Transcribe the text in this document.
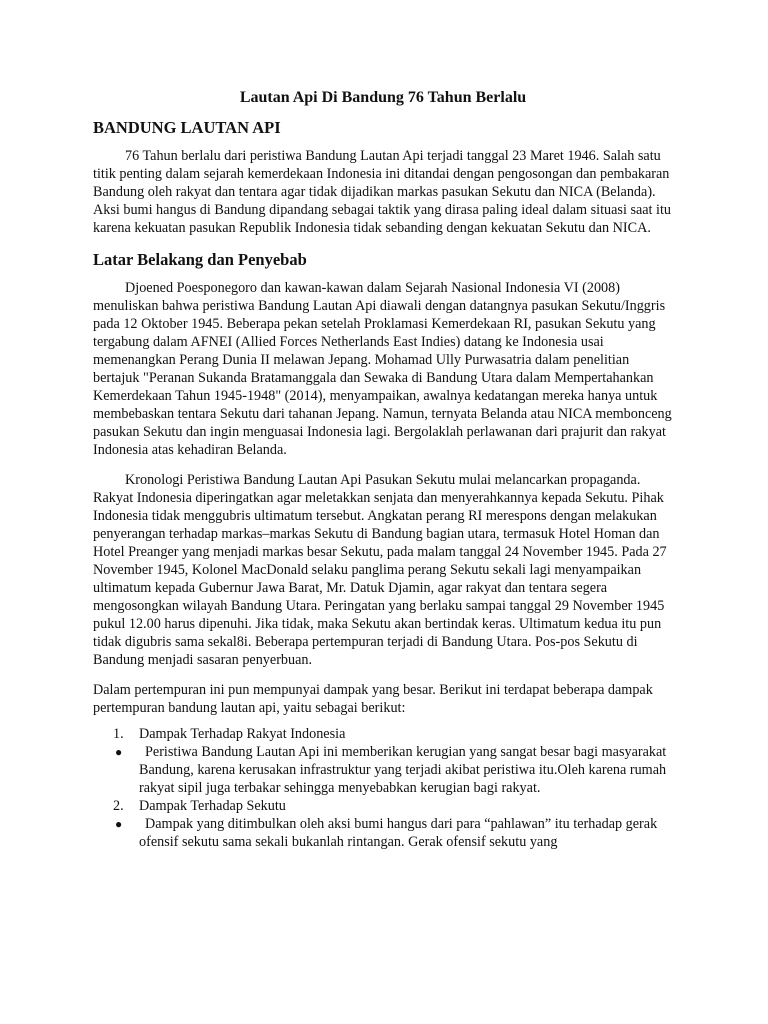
Lautan Api Di Bandung 76 Tahun Berlalu
BANDUNG LAUTAN API

76 Tahun berlalu dari peristiwa Bandung Lautan Api terjadi tanggal 23 Maret 1946. Salah satu titik penting dalam sejarah kemerdekaan Indonesia ini ditandai dengan pengosongan dan pembakaran Bandung oleh rakyat dan tentara agar tidak dijadikan markas pasukan Sekutu dan NICA (Belanda). Aksi bumi hangus di Bandung dipandang sebagai taktik yang dirasa paling ideal dalam situasi saat itu karena kekuatan pasukan Republik Indonesia tidak sebanding dengan kekuatan Sekutu dan NICA.

Latar Belakang dan Penyebab

Djoened Poesponegoro dan kawan-kawan dalam Sejarah Nasional Indonesia VI (2008) menuliskan bahwa peristiwa Bandung Lautan Api diawali dengan datangnya pasukan Sekutu/Inggris pada 12 Oktober 1945. Beberapa pekan setelah Proklamasi Kemerdekaan RI, pasukan Sekutu yang tergabung dalam AFNEI (Allied Forces Netherlands East Indies) datang ke Indonesia usai memenangkan Perang Dunia II melawan Jepang. Mohamad Ully Purwasatria dalam penelitian bertajuk "Peranan Sukanda Bratamanggala dan Sewaka di Bandung Utara dalam Mempertahankan Kemerdekaan Tahun 1945-1948" (2014), menyampaikan, awalnya kedatangan mereka hanya untuk membebaskan tentara Sekutu dari tahanan Jepang. Namun, ternyata Belanda atau NICA membonceng pasukan Sekutu dan ingin menguasai Indonesia lagi. Bergolaklah perlawanan dari prajurit dan rakyat Indonesia atas kehadiran Belanda.

Kronologi Peristiwa Bandung Lautan Api Pasukan Sekutu mulai melancarkan propaganda. Rakyat Indonesia diperingatkan agar meletakkan senjata dan menyerahkannya kepada Sekutu. Pihak Indonesia tidak menggubris ultimatum tersebut. Angkatan perang RI merespons dengan melakukan penyerangan terhadap markas–markas Sekutu di Bandung bagian utara, termasuk Hotel Homan dan Hotel Preanger yang menjadi markas besar Sekutu, pada malam tanggal 24 November 1945. Pada 27 November 1945, Kolonel MacDonald selaku panglima perang Sekutu sekali lagi menyampaikan ultimatum kepada Gubernur Jawa Barat, Mr. Datuk Djamin, agar rakyat dan tentara segera mengosongkan wilayah Bandung Utara. Peringatan yang berlaku sampai tanggal 29 November 1945 pukul 12.00 harus dipenuhi. Jika tidak, maka Sekutu akan bertindak keras. Ultimatum kedua itu pun tidak digubris sama sekal8i. Beberapa pertempuran terjadi di Bandung Utara. Pos-pos Sekutu di Bandung menjadi sasaran penyerbuan.

Dalam pertempuran ini pun mempunyai dampak yang besar. Berikut ini terdapat beberapa dampak pertempuran bandung lautan api, yaitu sebagai berikut:

1. Dampak Terhadap Rakyat Indonesia
●	Peristiwa Bandung Lautan Api ini memberikan kerugian yang sangat besar bagi masyarakat Bandung, karena kerusakan infrastruktur yang terjadi akibat peristiwa itu.Oleh karena rumah rakyat sipil juga terbakar sehingga menyebabkan kerugian bagi rakyat.
2. Dampak Terhadap Sekutu
●	Dampak yang ditimbulkan oleh aksi bumi hangus dari para “pahlawan” itu terhadap gerak ofensif sekutu sama sekali bukanlah rintangan. Gerak ofensif sekutu yang
